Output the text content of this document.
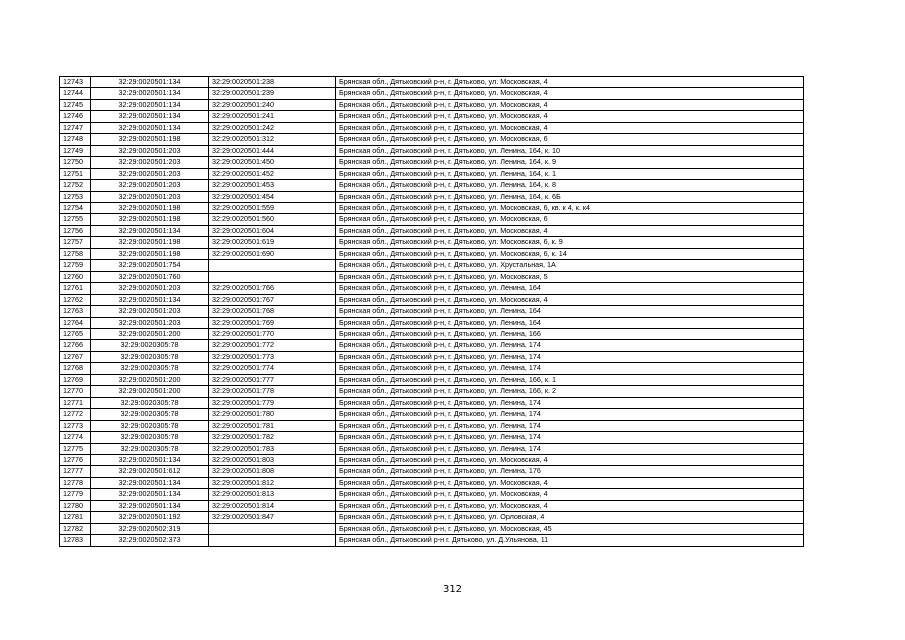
12743	32:29:0020501:134	32:29:0020501:238	Брянская обл., Дятьковский р-н, г. Дятьково, ул. Московская, 4
12744	32:29:0020501:134	32:29:0020501:239	Брянская обл., Дятьковский р-н, г. Дятьково, ул. Московская, 4
12745	32:29:0020501:134	32:29:0020501:240	Брянская обл., Дятьковский р-н, г. Дятьково, ул. Московская, 4
12746	32:29:0020501:134	32:29:0020501:241	Брянская обл., Дятьковский р-н, г. Дятьково, ул. Московская, 4
12747	32:29:0020501:134	32:29:0020501:242	Брянская обл., Дятьковский р-н, г. Дятьково, ул. Московская, 4
12748	32:29:0020501:198	32:29:0020501:312	Брянская обл., Дятьковский р-н, г. Дятьково, ул. Московская, 6
12749	32:29:0020501:203	32:29:0020501:444	Брянская обл., Дятьковский р-н, г. Дятьково, ул. Ленина, 164, к. 10
12750	32:29:0020501:203	32:29:0020501:450	Брянская обл., Дятьковский р-н, г. Дятьково, ул. Ленина, 164, к. 9
12751	32:29:0020501:203	32:29:0020501:452	Брянская обл., Дятьковский р-н, г. Дятьково, ул. Ленина, 164, к. 1
12752	32:29:0020501:203	32:29:0020501:453	Брянская обл., Дятьковский р-н, г. Дятьково, ул. Ленина, 164, к. 8
12753	32:29:0020501:203	32:29:0020501:454	Брянская обл., Дятьковский р-н, г. Дятьково, ул. Ленина, 164, к. 6Б
12754	32:29:0020501:198	32:29:0020501:559	Брянская обл., Дятьковский р-н, г. Дятьково, ул. Московская, 6, кв. к 4, к. к4
12755	32:29:0020501:198	32:29:0020501:560	Брянская обл., Дятьковский р-н, г. Дятьково, ул. Московская, 6
12756	32:29:0020501:134	32:29:0020501:604	Брянская обл., Дятьковский р-н, г. Дятьково, ул. Московская, 4
12757	32:29:0020501:198	32:29:0020501:619	Брянская обл., Дятьковский р-н, г. Дятьково, ул. Московская, 6, к. 9
12758	32:29:0020501:198	32:29:0020501:690	Брянская обл., Дятьковский р-н, г. Дятьково, ул. Московская, 6, к. 14
12759	32:29:0020501:754		Брянская обл., Дятьковский р-н, г. Дятьково, ул. Хрустальная, 1А
12760	32:29:0020501:760		Брянская обл., Дятьковский р-н, г. Дятьково, ул. Московская, 5
12761	32:29:0020501:203	32:29:0020501:766	Брянская обл., Дятьковский р-н, г. Дятьково, ул. Ленина, 164
12762	32:29:0020501:134	32:29:0020501:767	Брянская обл., Дятьковский р-н, г. Дятьково, ул. Московская, 4
12763	32:29:0020501:203	32:29:0020501:768	Брянская обл., Дятьковский р-н, г. Дятьково, ул. Ленина, 164
12764	32:29:0020501:203	32:29:0020501:769	Брянская обл., Дятьковский р-н, г. Дятьково, ул. Ленина, 164
12765	32:29:0020501:200	32:29:0020501:770	Брянская обл., Дятьковский р-н, г. Дятьково, ул. Ленина, 166
12766	32:29:0020305:78	32:29:0020501:772	Брянская обл., Дятьковский р-н, г. Дятьково, ул. Ленина, 174
12767	32:29:0020305:78	32:29:0020501:773	Брянская обл., Дятьковский р-н, г. Дятьково, ул. Ленина, 174
12768	32:29:0020305:78	32:29:0020501:774	Брянская обл., Дятьковский р-н, г. Дятьково, ул. Ленина, 174
12769	32:29:0020501:200	32:29:0020501:777	Брянская обл., Дятьковский р-н, г. Дятьково, ул. Ленина, 166, к. 1
12770	32:29:0020501:200	32:29:0020501:778	Брянская обл., Дятьковский р-н, г. Дятьково, ул. Ленина, 166, к. 2
12771	32:29:0020305:78	32:29:0020501:779	Брянская обл., Дятьковский р-н, г. Дятьково, ул. Ленина, 174
12772	32:29:0020305:78	32:29:0020501:780	Брянская обл., Дятьковский р-н, г. Дятьково, ул. Ленина, 174
12773	32:29:0020305:78	32:29:0020501:781	Брянская обл., Дятьковский р-н, г. Дятьково, ул. Ленина, 174
12774	32:29:0020305:78	32:29:0020501:782	Брянская обл., Дятьковский р-н, г. Дятьково, ул. Ленина, 174
12775	32:29:0020305:78	32:29:0020501:783	Брянская обл., Дятьковский р-н, г. Дятьково, ул. Ленина, 174
12776	32:29:0020501:134	32:29:0020501:803	Брянская обл., Дятьковский р-н, г. Дятьково, ул. Московская, 4
12777	32:29:0020501:612	32:29:0020501:808	Брянская обл., Дятьковский р-н, г. Дятьково, ул. Ленина, 176
12778	32:29:0020501:134	32:29:0020501:812	Брянская обл., Дятьковский р-н, г. Дятьково, ул. Московская, 4
12779	32:29:0020501:134	32:29:0020501:813	Брянская обл., Дятьковский р-н, г. Дятьково, ул. Московская, 4
12780	32:29:0020501:134	32:29:0020501:814	Брянская обл., Дятьковский р-н, г. Дятьково, ул. Московская, 4
12781	32:29:0020501:192	32:29:0020501:847	Брянская обл., Дятьковский р-н, г. Дятьково, ул. Орловская, 4
12782	32:29:0020502:319		Брянская обл., Дятьковский р-н, г. Дятьково, ул. Московская, 45
12783	32:29:0020502:373		Брянская обл., Дятьковский р-н г. Дятьково, ул. Д.Ульянова, 11
312
